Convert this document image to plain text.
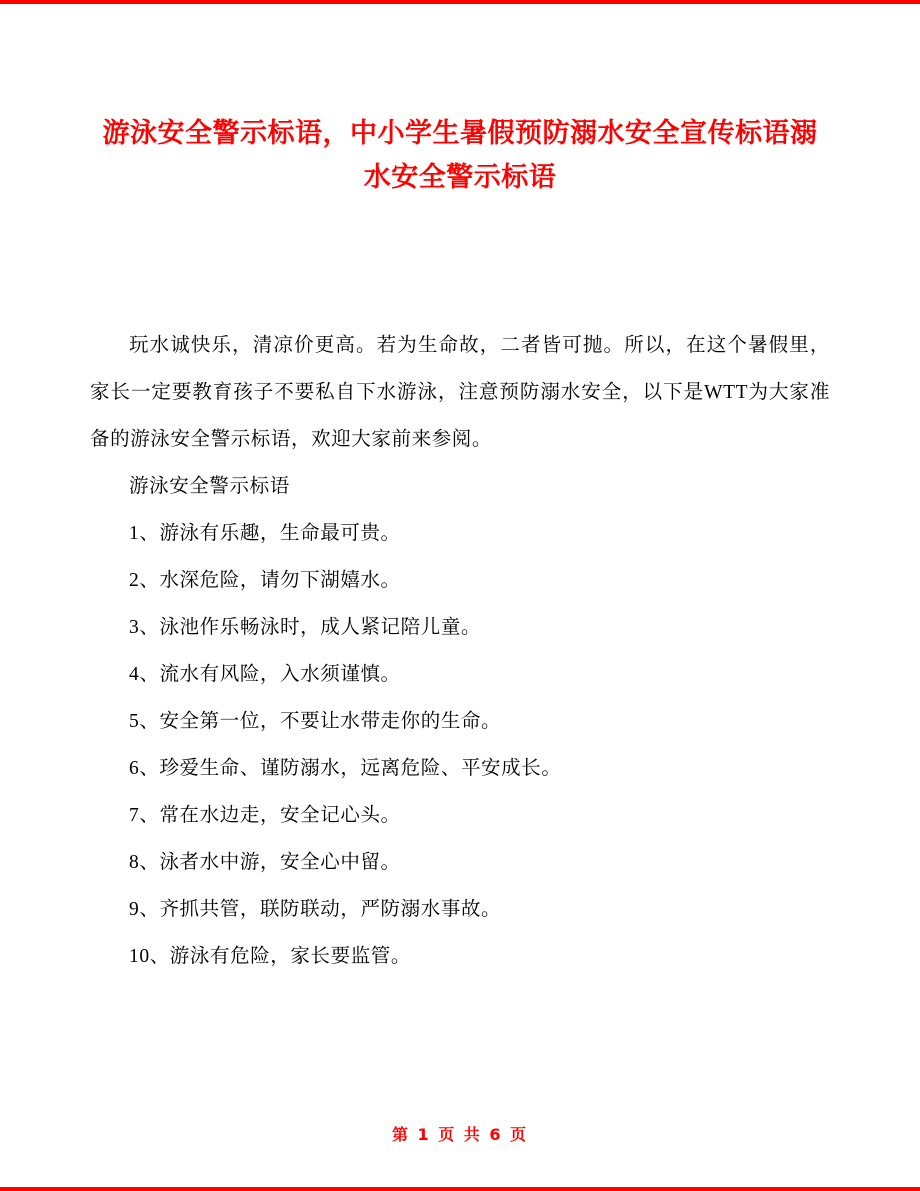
游泳安全警示标语，中小学生暑假预防溺水安全宣传标语溺水安全警示标语

玩水诚快乐，清凉价更高。若为生命故，二者皆可抛。所以，在这个暑假里，家长一定要教育孩子不要私自下水游泳，注意预防溺水安全，以下是WTT为大家准备的游泳安全警示标语，欢迎大家前来参阅。

游泳安全警示标语

1、游泳有乐趣，生命最可贵。
2、水深危险，请勿下湖嬉水。
3、泳池作乐畅泳时，成人紧记陪儿童。
4、流水有风险，入水须谨慎。
5、安全第一位，不要让水带走你的生命。
6、珍爱生命、谨防溺水，远离危险、平安成长。
7、常在水边走，安全记心头。
8、泳者水中游，安全心中留。
9、齐抓共管，联防联动，严防溺水事故。
10、游泳有危险，家长要监管。
第 1 页 共 6 页
